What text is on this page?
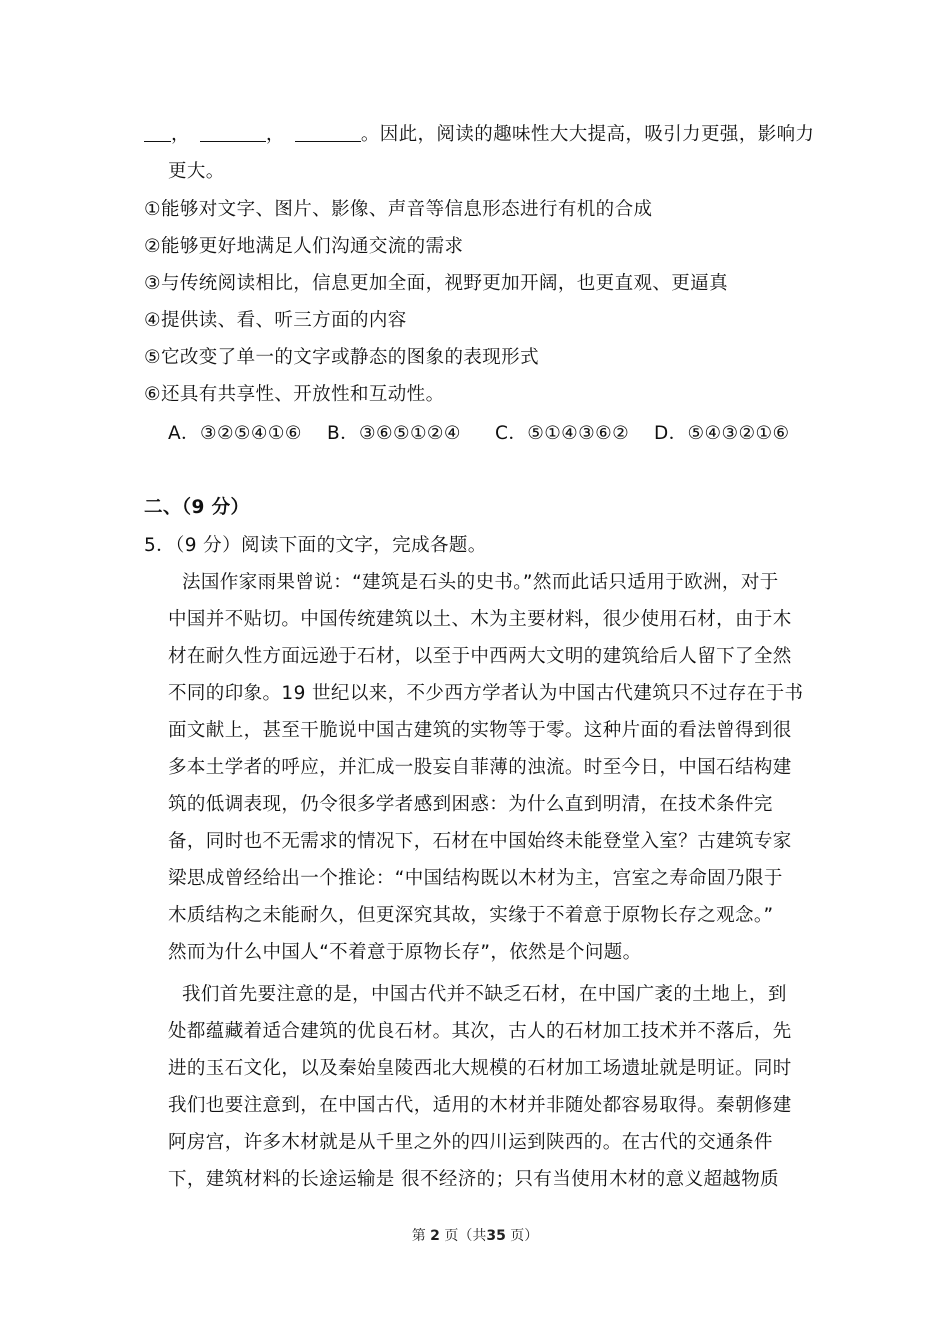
，	，	。因此，阅读的趣味性大大提高，吸引力更强，影响力
更大。
①能够对文字、图片、影像、声音等信息形态进行有机的合成
②能够更好地满足人们沟通交流的需求
③与传统阅读相比，信息更加全面，视野更加开阔，也更直观、更逼真
④提供读、看、听三方面的内容
⑤它改变了单一的文字或静态的图象的表现形式
⑥还具有共享性、开放性和互动性。
A．③②⑤④①⑥ B．③⑥⑤①②④ C．⑤①④③⑥② D．⑤④③②①⑥
二、（9 分）
5．（9 分）阅读下面的文字，完成各题。
法国作家雨果曾说：“建筑是石头的史书。”然而此话只适用于欧洲，对于
中国并不贴切。中国传统建筑以土、木为主要材料，很少使用石材，由于木
材在耐久性方面远逊于石材，以至于中西两大文明的建筑给后人留下了全然
不同的印象。19 世纪以来，不少西方学者认为中国古代建筑只不过存在于书
面文献上，甚至干脆说中国古建筑的实物等于零。这种片面的看法曾得到很
多本土学者的呼应，并汇成一股妄自菲薄的浊流。时至今日，中国石结构建
筑的低调表现，仍令很多学者感到困惑：为什么直到明清，在技术条件完
备，同时也不无需求的情况下，石材在中国始终未能登堂入室？古建筑专家
梁思成曾经给出一个推论：“中国结构既以木材为主，宫室之寿命固乃限于
木质结构之未能耐久，但更深究其故，实缘于不着意于原物长存之观念。”
然而为什么中国人“不着意于原物长存”，依然是个问题。
我们首先要注意的是，中国古代并不缺乏石材，在中国广袤的土地上，到
处都蕴藏着适合建筑的优良石材。其次，古人的石材加工技术并不落后，先
进的玉石文化，以及秦始皇陵西北大规模的石材加工场遗址就是明证。同时
我们也要注意到，在中国古代，适用的木材并非随处都容易取得。秦朝修建
阿房宫，许多木材就是从千里之外的四川运到陕西的。在古代的交通条件
下，建筑材料的长途运输是 很不经济的；只有当使用木材的意义超越物质
第 2 页（共35 页）
